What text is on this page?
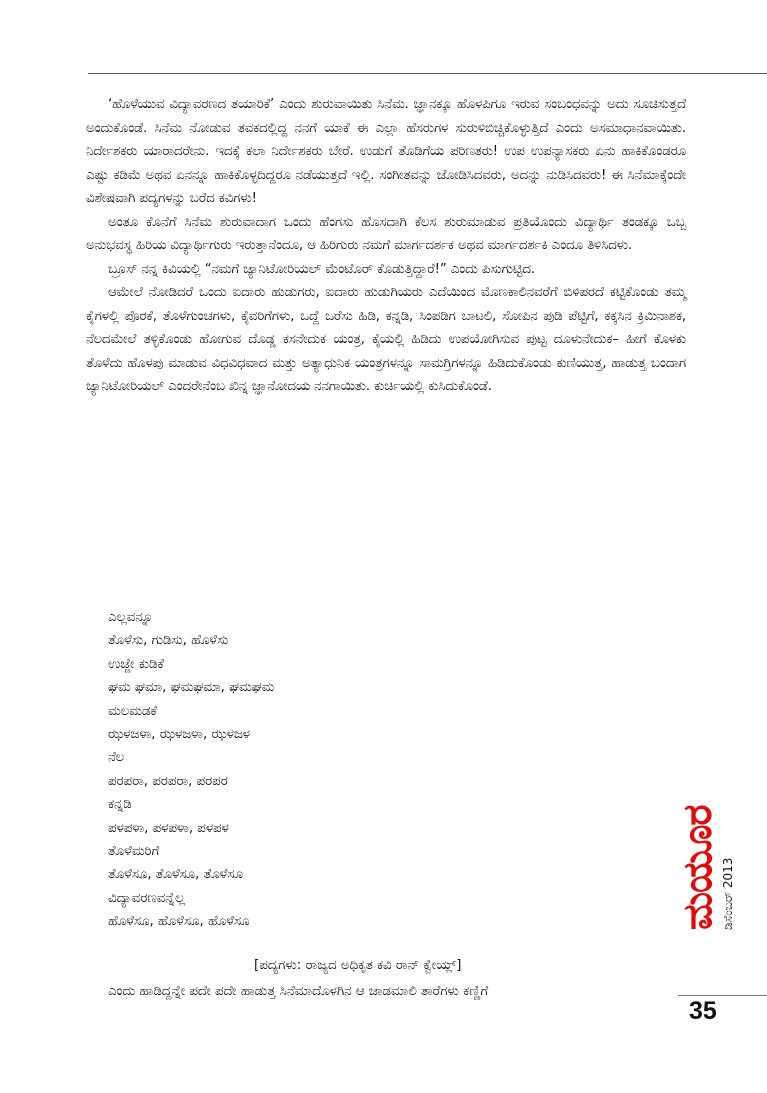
‘ಹೊಳೆಯುವ ವಿದ್ಯಾವರಣದ ತಯಾರಿಕೆ’ ಎಂದು ಶುರುವಾಯಿತು ಸಿನೆಮ. ಜ್ಞಾನಕ್ಕೂ ಹೊಳಪಿಗೂ ಇರುವ ಸಂಬಂಧವನ್ನು ಅದು ಸೂಚಿಸುತ್ತದೆ ಅಂದುಕೊಂಡೆ. ಸಿನೆಮ ನೋಡುವ ತವಕದಲ್ಲಿದ್ದ ನನಗೆ ಯಾಕೆ ಈ ಎಲ್ಲಾ ಹೆಸರುಗಳ ಸುರುಳಿಬಿಚ್ಚಿಕೊಳ್ಳುತ್ತಿದೆ ಎಂದು ಅಸಮಾಧಾನವಾಯಿತು. ನಿರ್ದೇಶಕರು ಯಾರಾದರೇನು. ಇದಕ್ಕೆ ಕಲಾ ನಿರ್ದೇಶಕರು ಬೇರೆ. ಉಡುಗೆ ತೊಡಿಗೆಯ ಪರಿಣತರು! ಉಪ ಉಪನ್ಯಾಸಕರು ಏನು ಹಾಕಿಕೊಂಡರೂ ಎಷ್ಟು ಕಡಿಮೆ ಅಥವ ಏನನ್ನೂ ಹಾಕಿಕೊಳ್ಳದಿದ್ದರೂ ನಡೆಯುತ್ತದೆ ಇಲ್ಲಿ. ಸಂಗೀತವನ್ನು ಜೋಡಿಸಿದವರು, ಅದನ್ನು ನುಡಿಸಿದವರು! ಈ ಸಿನೆಮಾಕ್ಕೆಂದೇ ವಿಶೇಷವಾಗಿ ಪದ್ಯಗಳನ್ನು ಬರೆದ ಕವಿಗಳು!

ಅಂತೂ ಕೊನೆಗೆ ಸಿನೆಮ ಶುರುವಾದಾಗ ಒಂದು ಹೆಂಗಸು ಹೊಸದಾಗಿ ಕೆಲಸ ಶುರುಮಾಡುವ ಪ್ರತಿಯೊಂದು ವಿದ್ಯಾರ್ಥಿ ತಂಡಕ್ಕೂ ಒಬ್ಬ ಅನುಭವಸ್ಥ ಹಿರಿಯ ವಿದ್ಯಾರ್ಥಿಗುರು ಇರುತ್ತಾನೆಂದೂ, ಆ ಹಿರಿಗುರು ನಮಗೆ ಮಾರ್ಗದರ್ಶಕ ಅಥವ ಮಾರ್ಗದರ್ಶಕಿ ಎಂದೂ ತಿಳಿಸಿದಳು.

ಬ್ರೂಸ್ ನನ್ನ ಕಿವಿಯಲ್ಲಿ “ನಮಗೆ ಜ್ಯಾನಿಟೋರಿಯಲ್ ಮೆಂಟೊರ್ ಕೊಡುತ್ತಿದ್ದಾರೆ!” ಎಂದು ಪಿಸುಗುಟ್ಟಿದ.

ಆಮೇಲೆ ನೋಡಿದರೆ ಒಂದು ಐದಾರು ಹುಡುಗರು, ಐದಾರು ಹುಡುಗಿಯರು ಎದೆಯಿಂದ ಮೊಣಕಾಲಿನವರೆಗೆ ಬಿಳಿಪರದೆ ಕಟ್ಟಿಕೊಂಡು ತಮ್ಮ ಕೈಗಳಲ್ಲಿ ಪೊರಕೆ, ತೊಳೆಗುಂಚಗಳು, ಕೈವರಿಗೆಗಳು, ಒದ್ದೆ ಒರೆಸು ಹಿಡಿ, ಕನ್ನಡಿ, ಸಿಂಪಡಿಗ ಬಾಟಲಿ, ಸೋಪಿನ ಪುಡಿ ಪೆಟ್ಟಿಗೆ, ಕಕ್ಕಸಿನ ಕ್ರಿಮಿನಾಶಕ, ನೆಲದಮೇಲೆ ತಳ್ಳಿಕೊಂಡು ಹೋಗುವ ದೊಡ್ಡ ಕಸನೇದುಕ ಯಂತ್ರ, ಕೈಯಲ್ಲಿ ಹಿಡಿದು ಉಪಯೋಗಿಸುವ ಪುಟ್ಟ ದೂಳುನೇದುಕ– ಹೀಗೆ ಕೊಳಕು ತೊಳೆದು ಹೊಳಪು ಮಾಡುವ ವಿಧವಿಧವಾದ ಮತ್ತು ಅತ್ಯಾಧುನಿಕ ಯಂತ್ರಗಳನ್ನೂ ಸಾಮಗ್ರಿಗಳನ್ನೂ ಹಿಡಿದುಕೊಂಡು ಕುಣಿಯುತ್ತ, ಹಾಡುತ್ತ ಬಂದಾಗ ಜ್ಯಾನಿಟೋರಿಯಲ್ ಎಂದರೇನೆಂಬ ಖಿನ್ನ ಜ್ಞಾನೋದಯ ನನಗಾಯಿತು. ಕುರ್ಚಿಯಲ್ಲಿ ಕುಸಿದುಕೊಂಡೆ.

ಎಲ್ಲವನ್ನೂ
ತೊಳೆಸು, ಗುಡಿಸು, ಹೊಳೆಸು
ಉಜ್ಜೇ ಕುಡಿಕೆ
ಘಮ ಘಮಾ, ಘಮಘಮಾ, ಘಮಘಮ
ಮಲಮಡಕೆ
ಝಳಜಳಾ, ಝಳಜಳಾ, ಝಳಜಳ
ನೆಲ
ಪರಪರಾ, ಪರಪರಾ, ಪರಪರ
ಕನ್ನಡಿ
ಪಳಪಳಾ, ಪಳಪಳಾ, ಪಳಪಳ
ತೊಳೆಮರಿಗೆ
ತೊಳೆಸೂ, ತೊಳೆಸೂ, ತೊಳೆಸೂ
ವಿದ್ಯಾವರಣವನ್ನೆಲ್ಲ
ಹೊಳೆಸೂ, ಹೊಳೆಸೂ, ಹೊಳೆಸೂ
[ಪದ್ಯಗಳು: ರಾಜ್ಯದ ಅಧಿಕೃತ ಕವಿ ರಾನ್ ಕ್ವೇಯ್ಲ್]
ಎಂದು ಹಾಡಿದ್ದನ್ನೇ ಪದೇ ಪದೇ ಹಾಡುತ್ತ ಸಿನೆಮಾದೊಳಗಿನ ಆ ಜಾಡಮಾಲಿ ತಾರೆಗಳು ಕಣ್ಣಿಗೆ
ಮಯೂರ ಡಿಸೆಂಬರ್ 2013
35
